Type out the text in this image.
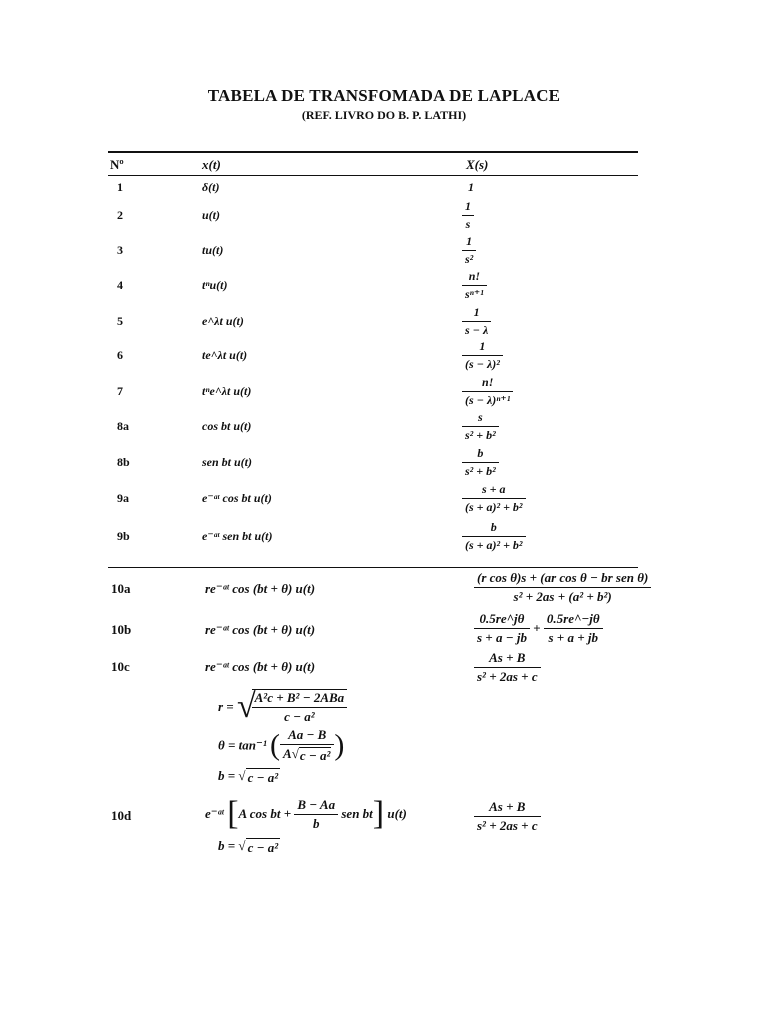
TABELA DE TRANSFOMADA DE LAPLACE
(REF. LIVRO DO B. P. LATHI)
Nº	x(t)	X(s)
1	δ(t)	1
2	u(t)	$\frac{1}{s}$
3	tu(t)	$\frac{1}{\text{s²}}$
4	tⁿu(t)	$\frac{n!}{\text{sⁿ⁺¹}}$
5	e^λt u(t)	$\frac{1}{s - \lambda}$
6	te^λt u(t)	$\frac{1}{\text{(s − λ)²}}$
7	tⁿe^λt u(t)	$\frac{n!}{\text{(s − λ)ⁿ⁺¹}}$
8a	cos bt u(t)	$\frac{s}{\text{s² + b²}}$
8b	sen bt u(t)	$\frac{b}{\text{s² + b²}}$
9a	e⁻ᵃᵗ cos bt u(t)	$\frac{s + a}{\text{(s + a)² + b²}}$
9b	e⁻ᵃᵗ sen bt u(t)	$\frac{b}{\text{(s + a)² + b²}}$
10a	re⁻ᵃᵗ cos (bt + θ) u(t)	$\frac{\text{(r cos θ)s + (ar cos θ − br sen θ)}}{\text{s² + 2as + (a² + b²)}}$
10b	re⁻ᵃᵗ cos (bt + θ) u(t)	$\frac{0.5re\^{}j\theta}{s + a - jb} + \frac{0.5re\^{}-j\theta}{s + a + jb}$
10c	re⁻ᵃᵗ cos (bt + θ) u(t)	$\frac{As + B}{\text{s² + 2as + c}}$
r = √
$\frac{\text{A²c + B² − 2ABa}}{\text{c − a²}}$
θ = tan⁻¹ ( $\frac{Aa - B}{\text{A√c − a²}}$ )
b = √ c − a²
10d	e⁻ᵃᵗ [A cos bt + $\frac{B - Aa}{b}$ sen bt] u(t)	$\frac{As + B}{\text{s² + 2as + c}}$
b = √ c − a²
